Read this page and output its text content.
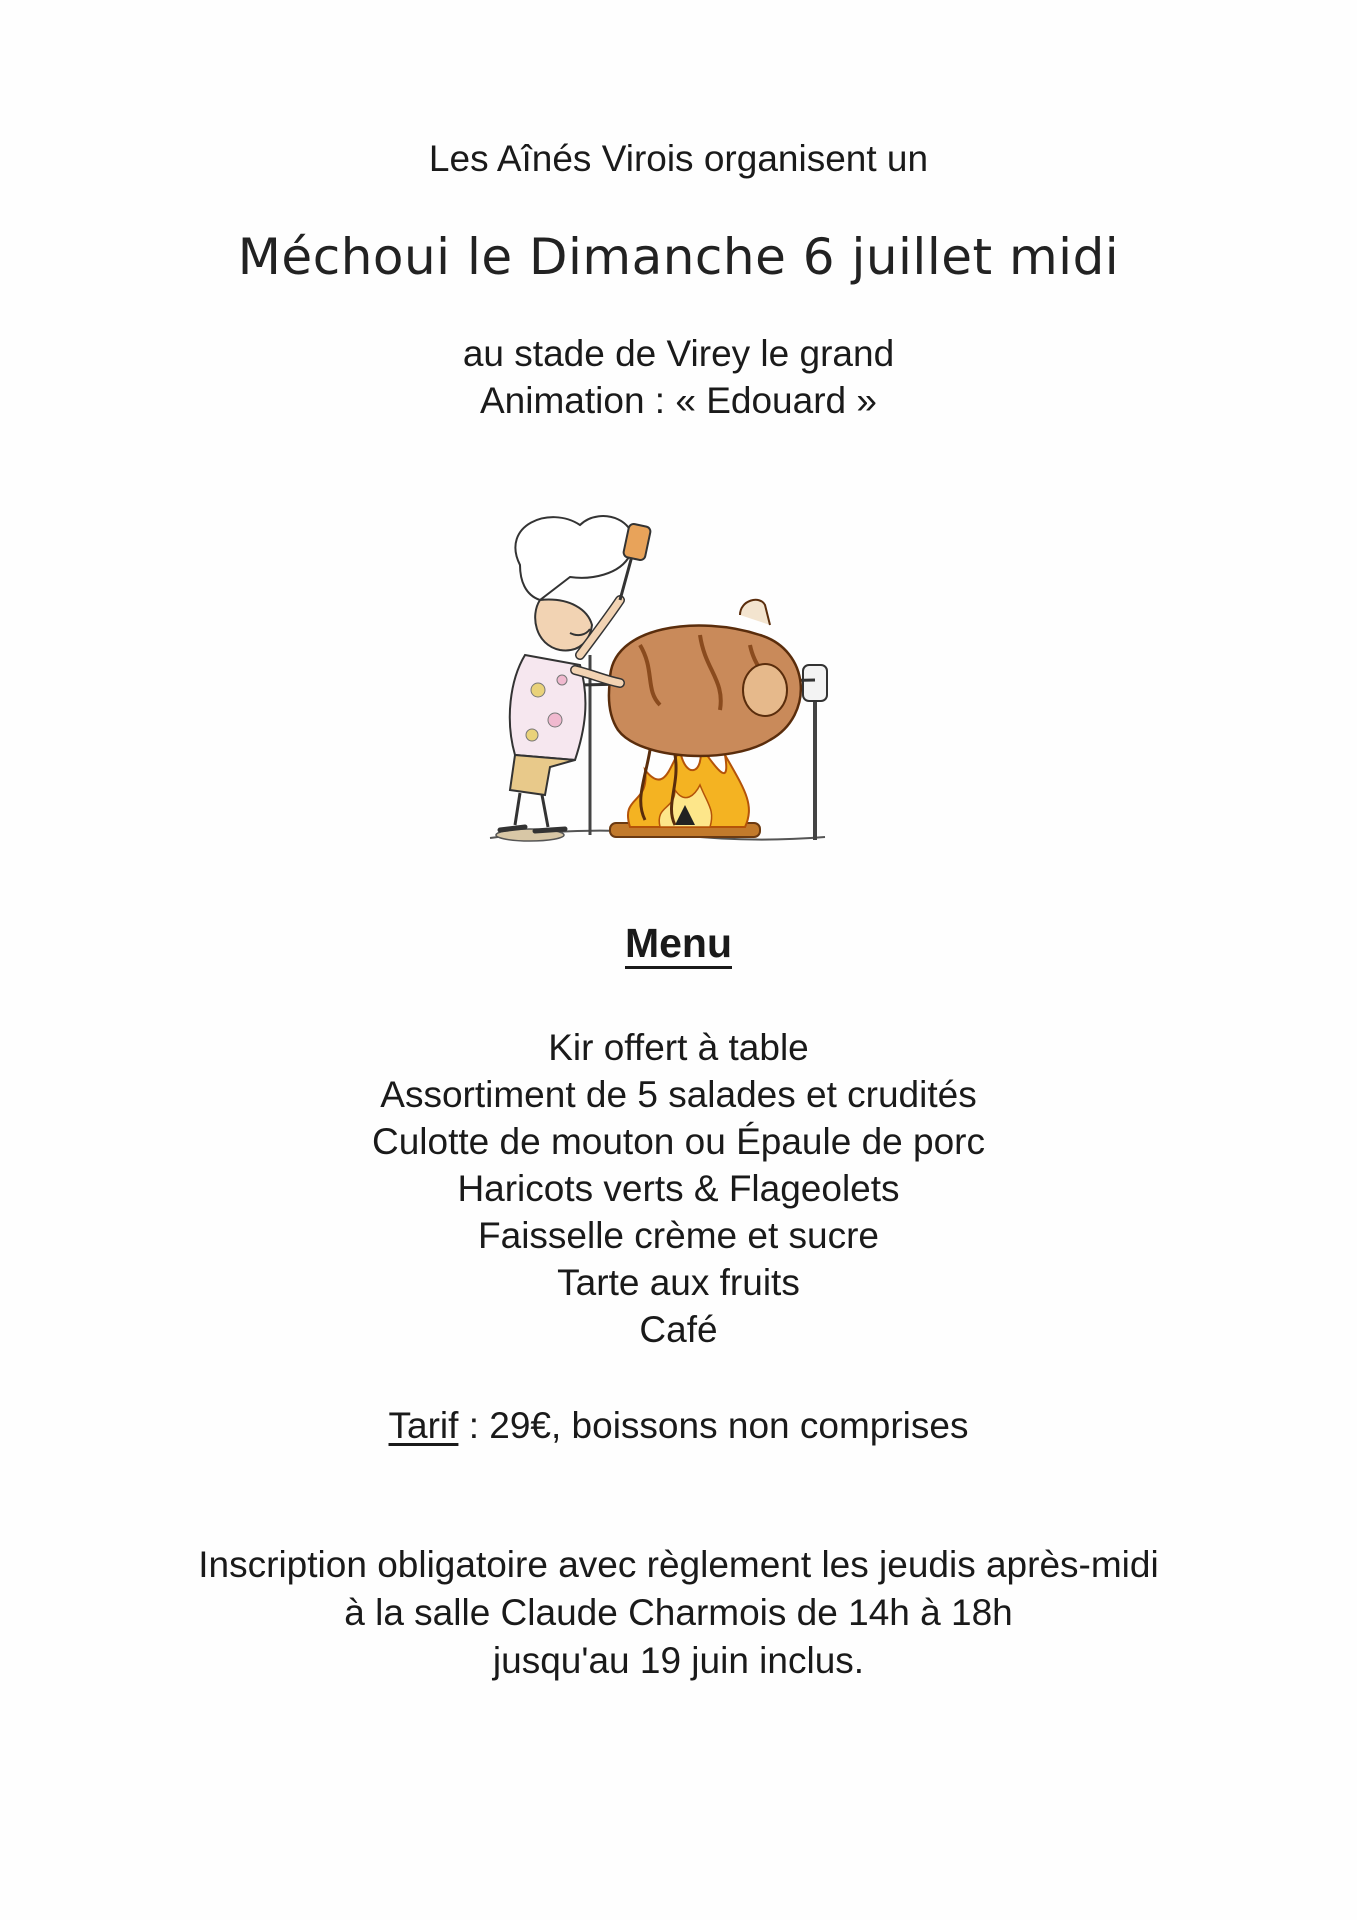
Les Aînés Virois organisent un
Méchoui le Dimanche 6 juillet midi
au stade de Virey le grand
Animation : « Edouard »
Menu
Kir offert à table
Assortiment de 5 salades et crudités
Culotte de mouton ou Épaule de porc
Haricots verts & Flageolets
Faisselle crème et sucre
Tarte aux fruits
Café
Tarif : 29€, boissons non comprises
Inscription obligatoire avec règlement les jeudis après-midi
à la salle Claude Charmois de 14h à 18h
jusqu'au 19 juin inclus.
